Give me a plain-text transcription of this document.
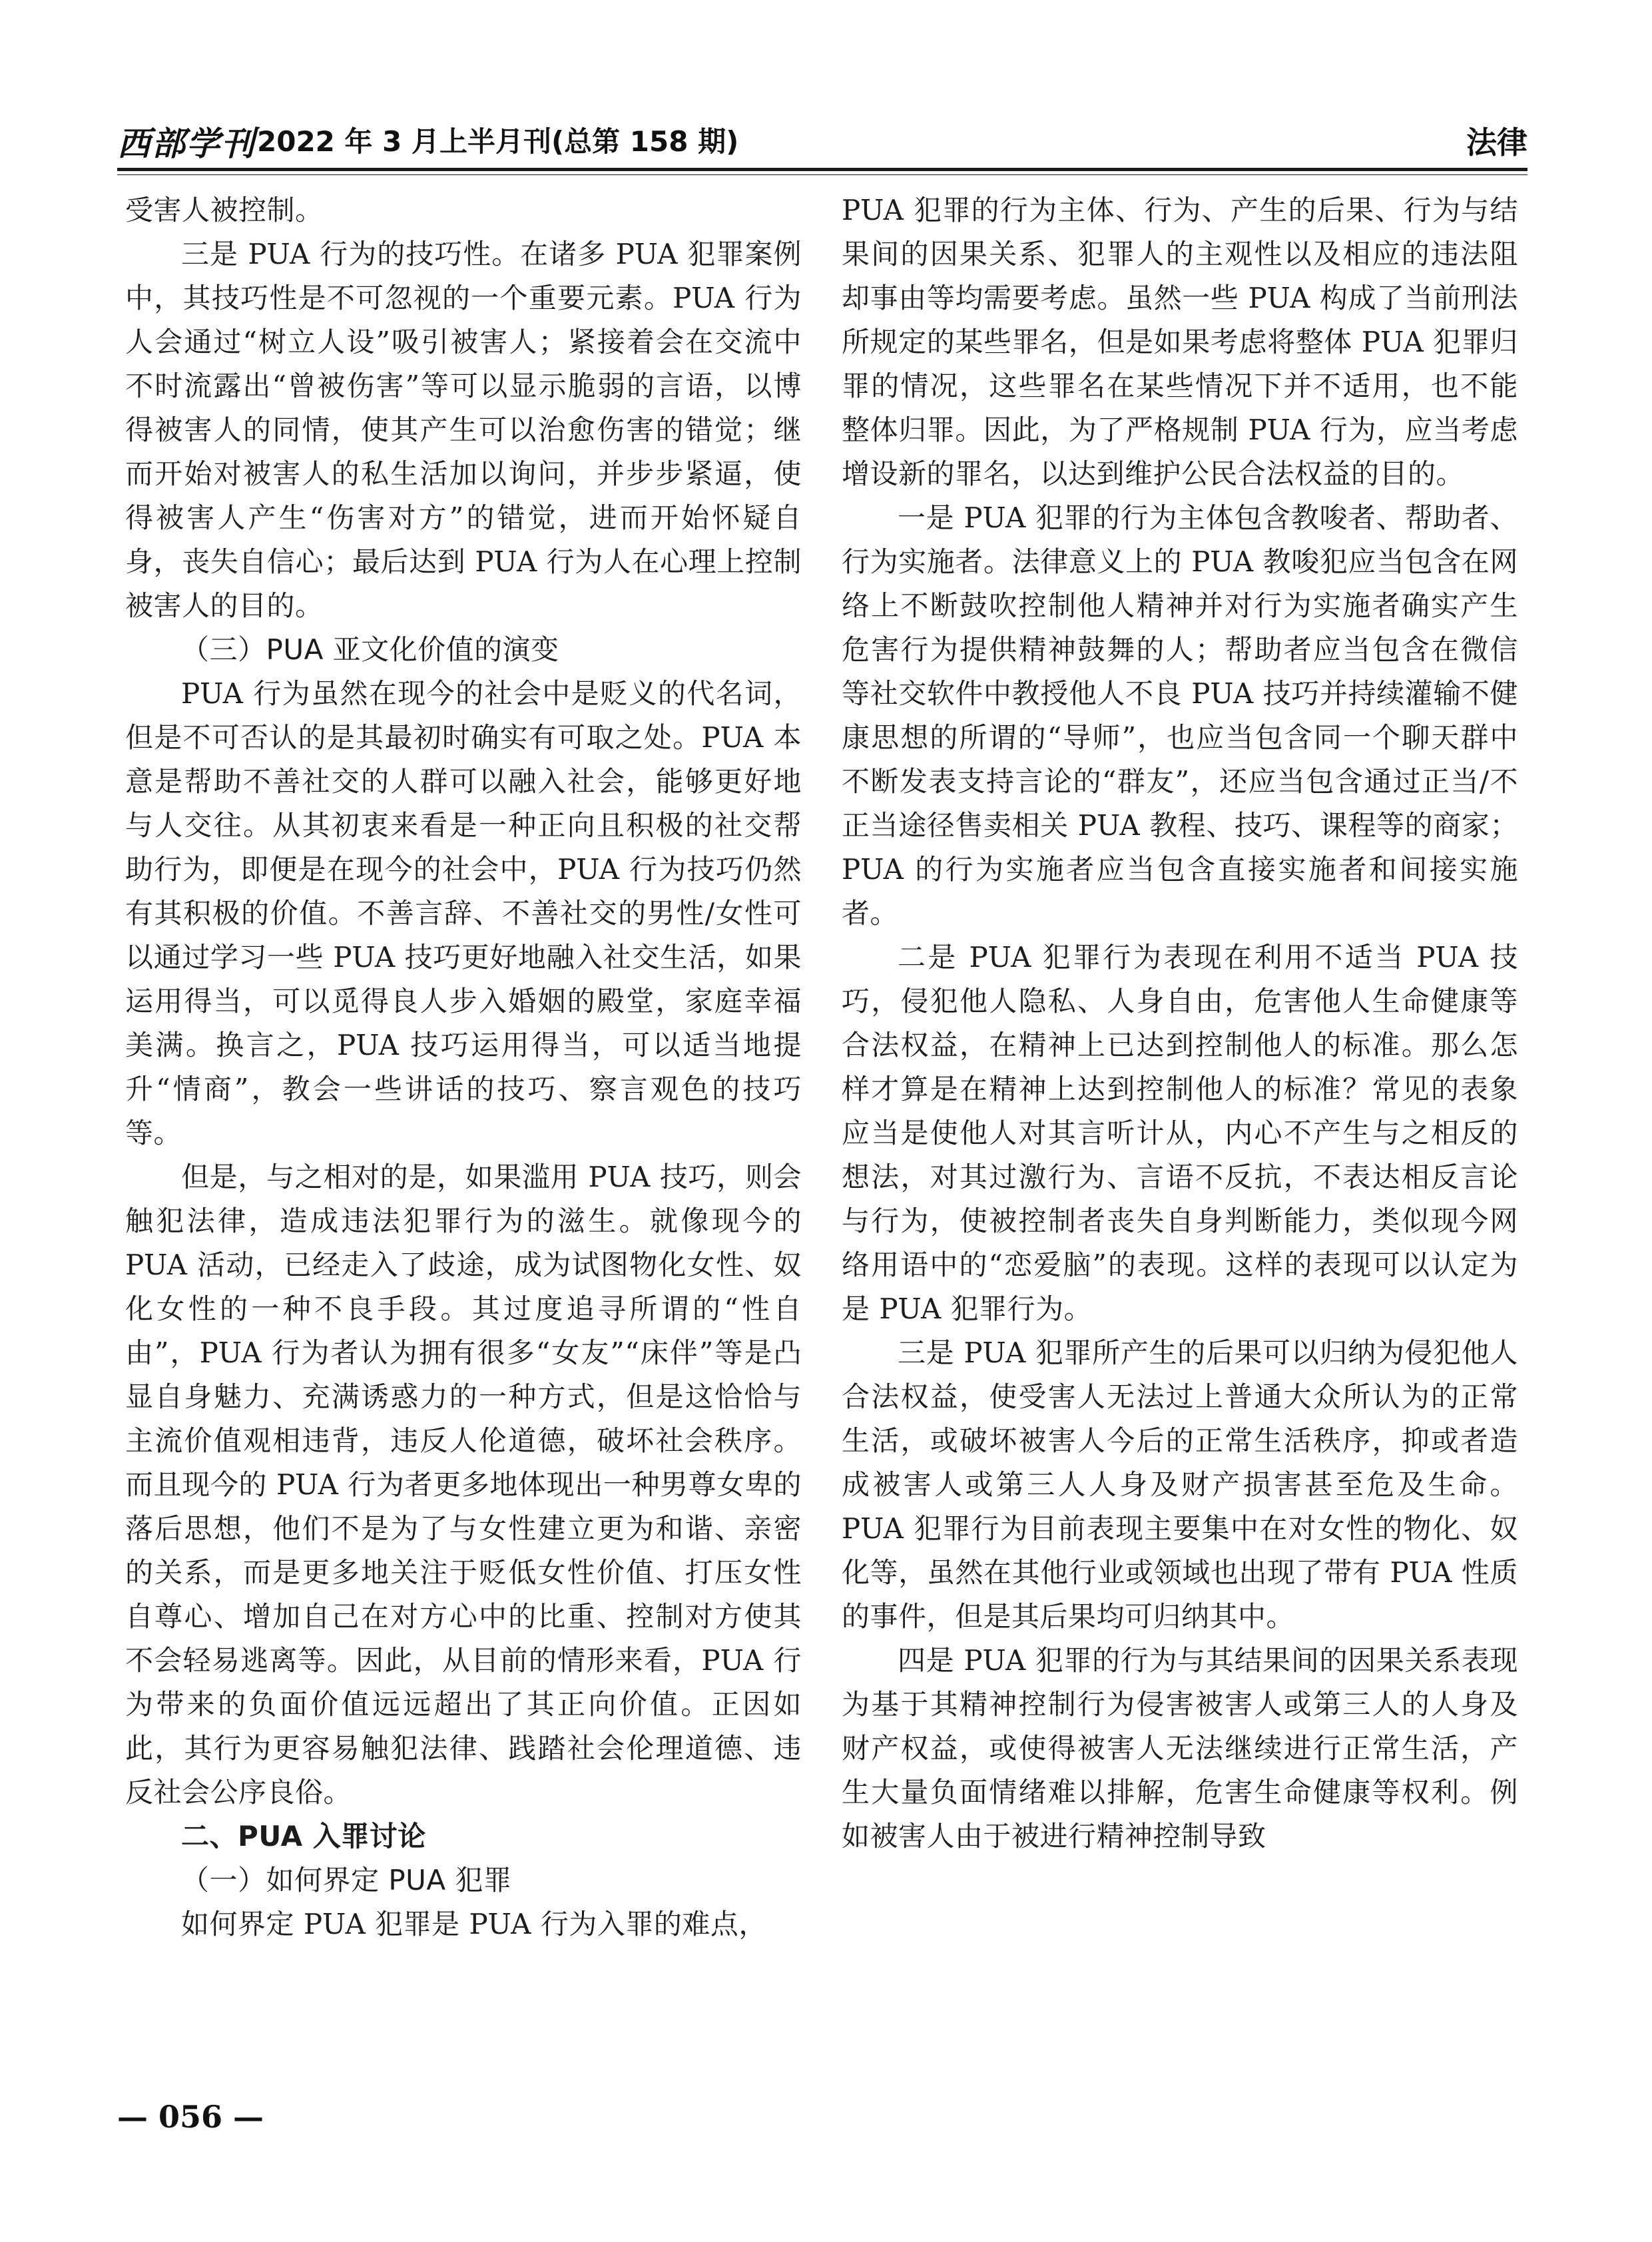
西部学刊 2022 年 3 月上半月刊(总第 158 期)	法律

受害人被控制。

三是 PUA 行为的技巧性。在诸多 PUA 犯罪案例中，其技巧性是不可忽视的一个重要元素。PUA 行为人会通过“树立人设”吸引被害人；紧接着会在交流中不时流露出“曾被伤害”等可以显示脆弱的言语，以博得被害人的同情，使其产生可以治愈伤害的错觉；继而开始对被害人的私生活加以询问，并步步紧逼，使得被害人产生“伤害对方”的错觉，进而开始怀疑自身，丧失自信心；最后达到 PUA 行为人在心理上控制被害人的目的。

（三）PUA 亚文化价值的演变

PUA 行为虽然在现今的社会中是贬义的代名词，但是不可否认的是其最初时确实有可取之处。PUA 本意是帮助不善社交的人群可以融入社会，能够更好地与人交往。从其初衷来看是一种正向且积极的社交帮助行为，即便是在现今的社会中，PUA 行为技巧仍然有其积极的价值。不善言辞、不善社交的男性/女性可以通过学习一些 PUA 技巧更好地融入社交生活，如果运用得当，可以觅得良人步入婚姻的殿堂，家庭幸福美满。换言之，PUA 技巧运用得当，可以适当地提升“情商”，教会一些讲话的技巧、察言观色的技巧等。

但是，与之相对的是，如果滥用 PUA 技巧，则会触犯法律，造成违法犯罪行为的滋生。就像现今的 PUA 活动，已经走入了歧途，成为试图物化女性、奴化女性的一种不良手段。其过度追寻所谓的“性自由”，PUA 行为者认为拥有很多“女友”“床伴”等是凸显自身魅力、充满诱惑力的一种方式，但是这恰恰与主流价值观相违背，违反人伦道德，破坏社会秩序。而且现今的 PUA 行为者更多地体现出一种男尊女卑的落后思想，他们不是为了与女性建立更为和谐、亲密的关系，而是更多地关注于贬低女性价值、打压女性自尊心、增加自己在对方心中的比重、控制对方使其不会轻易逃离等。因此，从目前的情形来看，PUA 行为带来的负面价值远远超出了其正向价值。正因如此，其行为更容易触犯法律、践踏社会伦理道德、违反社会公序良俗。

二、PUA 入罪讨论

（一）如何界定 PUA 犯罪

如何界定 PUA 犯罪是 PUA 行为入罪的难点，

PUA 犯罪的行为主体、行为、产生的后果、行为与结果间的因果关系、犯罪人的主观性以及相应的违法阻却事由等均需要考虑。虽然一些 PUA 构成了当前刑法所规定的某些罪名，但是如果考虑将整体 PUA 犯罪归罪的情况，这些罪名在某些情况下并不适用，也不能整体归罪。因此，为了严格规制 PUA 行为，应当考虑增设新的罪名，以达到维护公民合法权益的目的。

一是 PUA 犯罪的行为主体包含教唆者、帮助者、行为实施者。法律意义上的 PUA 教唆犯应当包含在网络上不断鼓吹控制他人精神并对行为实施者确实产生危害行为提供精神鼓舞的人；帮助者应当包含在微信等社交软件中教授他人不良 PUA 技巧并持续灌输不健康思想的所谓的“导师”，也应当包含同一个聊天群中不断发表支持言论的“群友”，还应当包含通过正当/不正当途径售卖相关 PUA 教程、技巧、课程等的商家；PUA 的行为实施者应当包含直接实施者和间接实施者。

二是 PUA 犯罪行为表现在利用不适当 PUA 技巧，侵犯他人隐私、人身自由，危害他人生命健康等合法权益，在精神上已达到控制他人的标准。那么怎样才算是在精神上达到控制他人的标准？常见的表象应当是使他人对其言听计从，内心不产生与之相反的想法，对其过激行为、言语不反抗，不表达相反言论与行为，使被控制者丧失自身判断能力，类似现今网络用语中的“恋爱脑”的表现。这样的表现可以认定为是 PUA 犯罪行为。

三是 PUA 犯罪所产生的后果可以归纳为侵犯他人合法权益，使受害人无法过上普通大众所认为的正常生活，或破坏被害人今后的正常生活秩序，抑或者造成被害人或第三人人身及财产损害甚至危及生命。PUA 犯罪行为目前表现主要集中在对女性的物化、奴化等，虽然在其他行业或领域也出现了带有 PUA 性质的事件，但是其后果均可归纳其中。

四是 PUA 犯罪的行为与其结果间的因果关系表现为基于其精神控制行为侵害被害人或第三人的人身及财产权益，或使得被害人无法继续进行正常生活，产生大量负面情绪难以排解，危害生命健康等权利。例如被害人由于被进行精神控制导致

— 056 —
